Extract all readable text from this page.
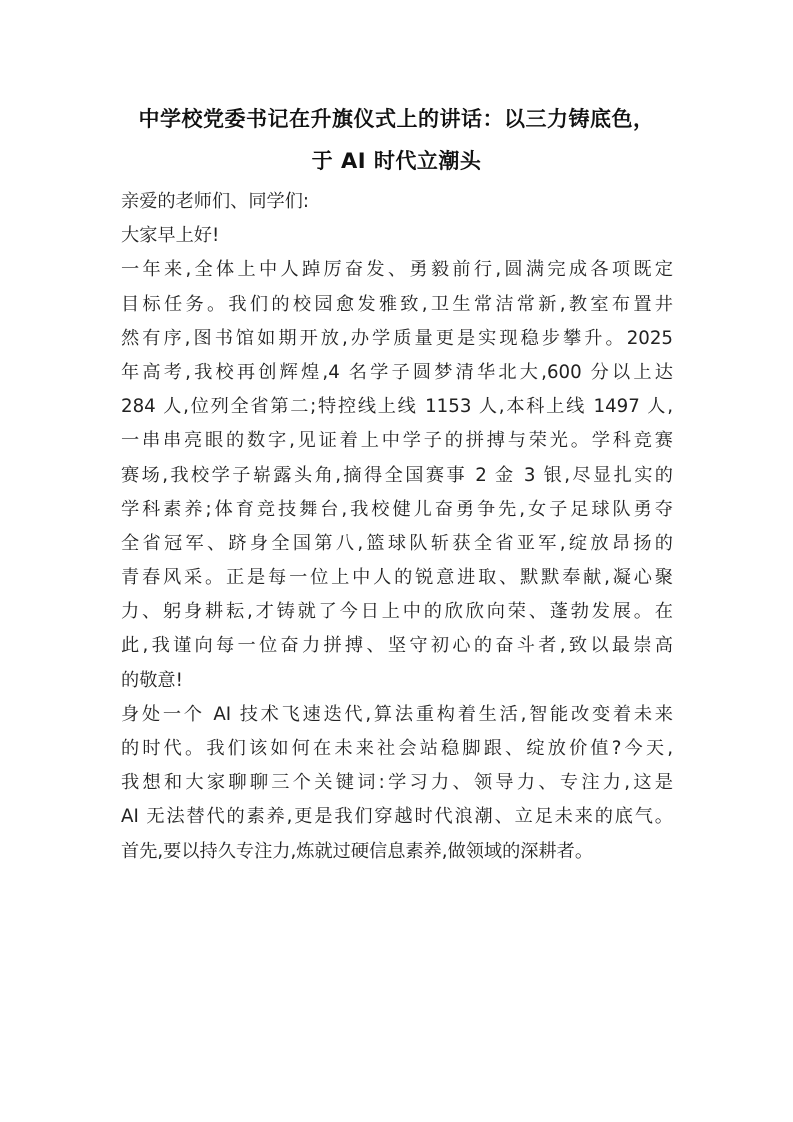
中学校党委书记在升旗仪式上的讲话：以三力铸底色，
于 AI 时代立潮头
亲爱的老师们、同学们:
大家早上好!
一年来,全体上中人踔厉奋发、勇毅前行,圆满完成各项既定
目标任务。我们的校园愈发雅致,卫生常洁常新,教室布置井
然有序,图书馆如期开放,办学质量更是实现稳步攀升。2025
年高考,我校再创辉煌,4 名学子圆梦清华北大,600 分以上达
284 人,位列全省第二;特控线上线 1153 人,本科上线 1497 人,
一串串亮眼的数字,见证着上中学子的拼搏与荣光。学科竞赛
赛场,我校学子崭露头角,摘得全国赛事 2 金 3 银,尽显扎实的
学科素养;体育竞技舞台,我校健儿奋勇争先,女子足球队勇夺
全省冠军、跻身全国第八,篮球队斩获全省亚军,绽放昂扬的
青春风采。正是每一位上中人的锐意进取、默默奉献,凝心聚
力、躬身耕耘,才铸就了今日上中的欣欣向荣、蓬勃发展。在
此,我谨向每一位奋力拼搏、坚守初心的奋斗者,致以最崇高
的敬意!
身处一个 AI 技术飞速迭代,算法重构着生活,智能改变着未来
的时代。我们该如何在未来社会站稳脚跟、绽放价值?今天,
我想和大家聊聊三个关键词:学习力、领导力、专注力,这是
AI 无法替代的素养,更是我们穿越时代浪潮、立足未来的底气。
首先,要以持久专注力,炼就过硬信息素养,做领域的深耕者。
